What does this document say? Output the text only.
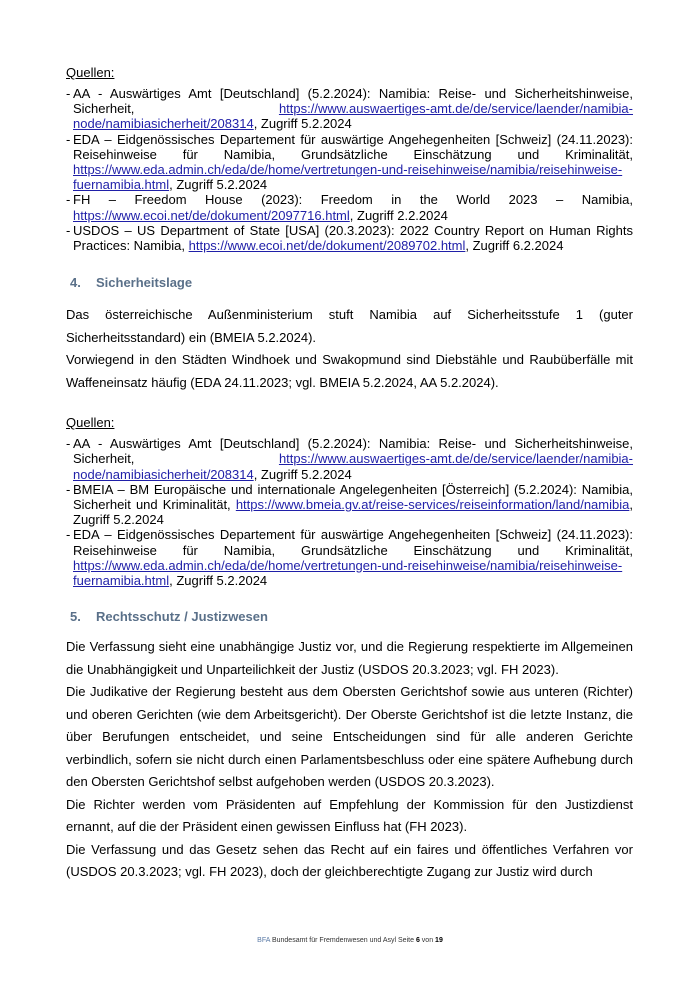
Quellen:
- AA - Auswärtiges Amt [Deutschland] (5.2.2024): Namibia: Reise- und Sicherheitshinweise, Sicherheit,	https://www.auswaertiges-amt.de/de/service/laender/namibia-node/namibiasicherheit/208314, Zugriff 5.2.2024
- EDA – Eidgenössisches Departement für auswärtige Angehegenheiten [Schweiz] (24.11.2023): Reisehinweise für Namibia, Grundsätzliche Einschätzung und Kriminalität, https://www.eda.admin.ch/eda/de/home/vertretungen-und-reisehinweise/namibia/reisehinweise-fuernamibia.html, Zugriff 5.2.2024
- FH – Freedom House (2023): Freedom in the World 2023 – Namibia, https://www.ecoi.net/de/dokument/2097716.html, Zugriff 2.2.2024
- USDOS – US Department of State [USA] (20.3.2023): 2022 Country Report on Human Rights Practices: Namibia, https://www.ecoi.net/de/dokument/2089702.html, Zugriff 6.2.2024
4. Sicherheitslage

Das österreichische Außenministerium stuft Namibia auf Sicherheitsstufe 1 (guter Sicherheitsstandard) ein (BMEIA 5.2.2024).

Vorwiegend in den Städten Windhoek und Swakopmund sind Diebstähle und Raubüberfälle mit Waffeneinsatz häufig (EDA 24.11.2023; vgl. BMEIA 5.2.2024, AA 5.2.2024).

Quellen:
- AA - Auswärtiges Amt [Deutschland] (5.2.2024): Namibia: Reise- und Sicherheitshinweise, Sicherheit,	https://www.auswaertiges-amt.de/de/service/laender/namibia-node/namibiasicherheit/208314, Zugriff 5.2.2024
- BMEIA – BM Europäische und internationale Angelegenheiten [Österreich] (5.2.2024): Namibia, Sicherheit und Kriminalität, https://www.bmeia.gv.at/reise-services/reiseinformation/land/namibia, Zugriff 5.2.2024
- EDA – Eidgenössisches Departement für auswärtige Angehegenheiten [Schweiz] (24.11.2023): Reisehinweise für Namibia, Grundsätzliche Einschätzung und Kriminalität, https://www.eda.admin.ch/eda/de/home/vertretungen-und-reisehinweise/namibia/reisehinweise-fuernamibia.html, Zugriff 5.2.2024
5. Rechtsschutz / Justizwesen

Die Verfassung sieht eine unabhängige Justiz vor, und die Regierung respektierte im Allgemeinen die Unabhängigkeit und Unparteilichkeit der Justiz (USDOS 20.3.2023; vgl. FH 2023).

Die Judikative der Regierung besteht aus dem Obersten Gerichtshof sowie aus unteren (Richter) und oberen Gerichten (wie dem Arbeitsgericht). Der Oberste Gerichtshof ist die letzte Instanz, die über Berufungen entscheidet, und seine Entscheidungen sind für alle anderen Gerichte verbindlich, sofern sie nicht durch einen Parlamentsbeschluss oder eine spätere Aufhebung durch den Obersten Gerichtshof selbst aufgehoben werden (USDOS 20.3.2023).

Die Richter werden vom Präsidenten auf Empfehlung der Kommission für den Justizdienst ernannt, auf die der Präsident einen gewissen Einfluss hat (FH 2023).

Die Verfassung und das Gesetz sehen das Recht auf ein faires und öffentliches Verfahren vor (USDOS 20.3.2023; vgl. FH 2023), doch der gleichberechtigte Zugang zur Justiz wird durch

BFA Bundesamt für Fremdenwesen und Asyl Seite 6 von 19
